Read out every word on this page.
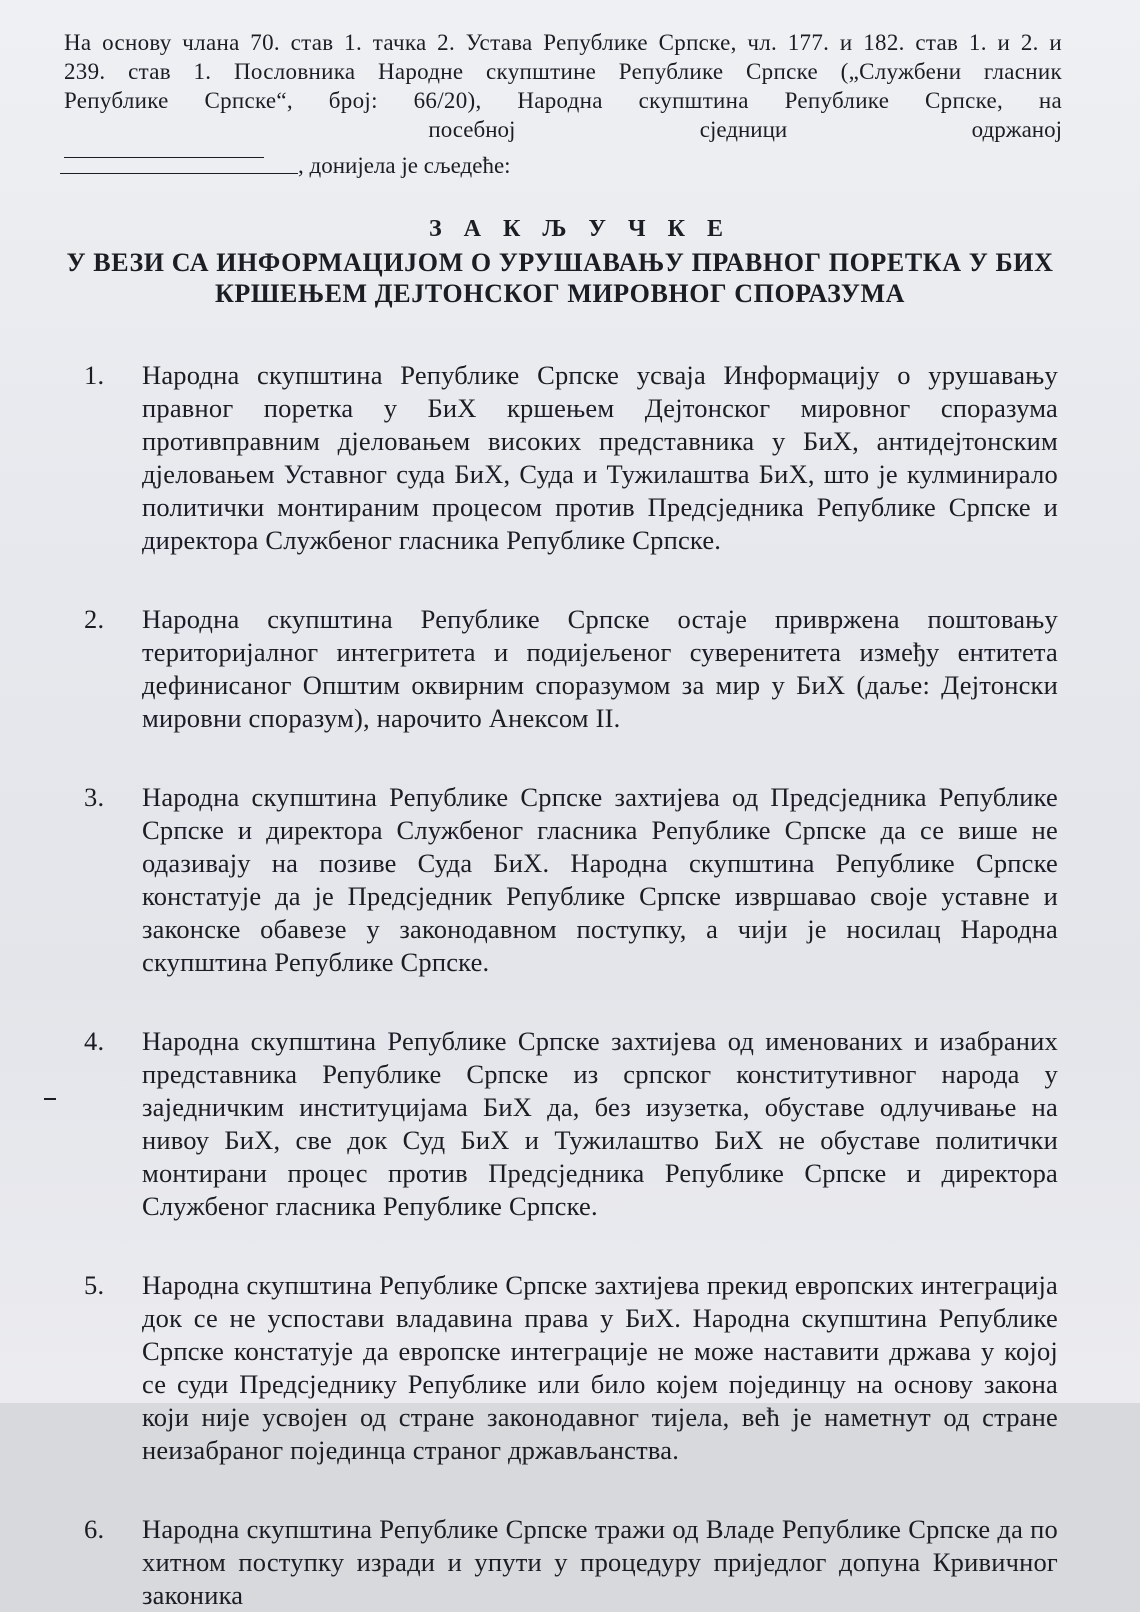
На основу члана 70. став 1. тачка 2. Устава Републике Српске, чл. 177. и 182. став 1. и 2. и
239. став 1. Пословника Народне скупштине Републике Српске („Службени гласник
Републике Српске“, број: 66/20), Народна скупштина Републике Српске, на
посебној	сједници	одржаној
, донијела је сљедеће:
З А К Љ У Ч К Е
У ВЕЗИ СА ИНФОРМАЦИЈОМ О УРУШАВАЊУ ПРАВНОГ ПОРЕТКА У БИХ
КРШЕЊЕМ ДЕЈТОНСКОГ МИРОВНОГ СПОРАЗУМА
1.	Народна скупштина Републике Српске усваја Информацију о урушавању правног поретка у БиХ кршењем Дејтонског мировног споразума противправним дјеловањем високих представника у БиХ, антидејтонским дјеловањем Уставног суда БиХ, Суда и Тужилаштва БиХ, што је кулминирало политички монтираним процесом против Предсједника Републике Српске и директора Службеног гласника Републике Српске.
2.	Народна скупштина Републике Српске остаје привржена поштовању територијалног интегритета и подијељеног суверенитета између ентитета дефинисаног Општим оквирним споразумом за мир у БиХ (даље: Дејтонски мировни споразум), нарочито Анексом II.
3.	Народна скупштина Републике Српске захтијева од Предсједника Републике Српске и директора Службеног гласника Републике Српске да се више не одазивају на позиве Суда БиХ. Народна скупштина Републике Српске констатује да је Предсједник Републике Српске извршавао своје уставне и законске обавезе у законодавном поступку, а чији је носилац Народна скупштина Републике Српске.
4.	Народна скупштина Републике Српске захтијева од именованих и изабраних представника Републике Српске из српског конститутивног народа у заједничким институцијама БиХ да, без изузетка, обуставе одлучивање на нивоу БиХ, све док Суд БиХ и Тужилаштво БиХ не обуставе политички монтирани процес против Предсједника Републике Српске и директора Службеног гласника Републике Српске.
5.	Народна скупштина Републике Српске захтијева прекид европских интеграција док се не успостави владавина права у БиХ. Народна скупштина Републике Српске констатује да европске интеграције не може наставити држава у којој се суди Предсједнику Републике или било којем појединцу на основу закона који није усвојен од стране законодавног тијела, већ је наметнут од стране неизабраног појединца страног држављанства.
6.	Народна скупштина Републике Српске тражи од Владе Републике Српске да по хитном поступку изради и упути у процедуру приједлог допуна Кривичног законика
